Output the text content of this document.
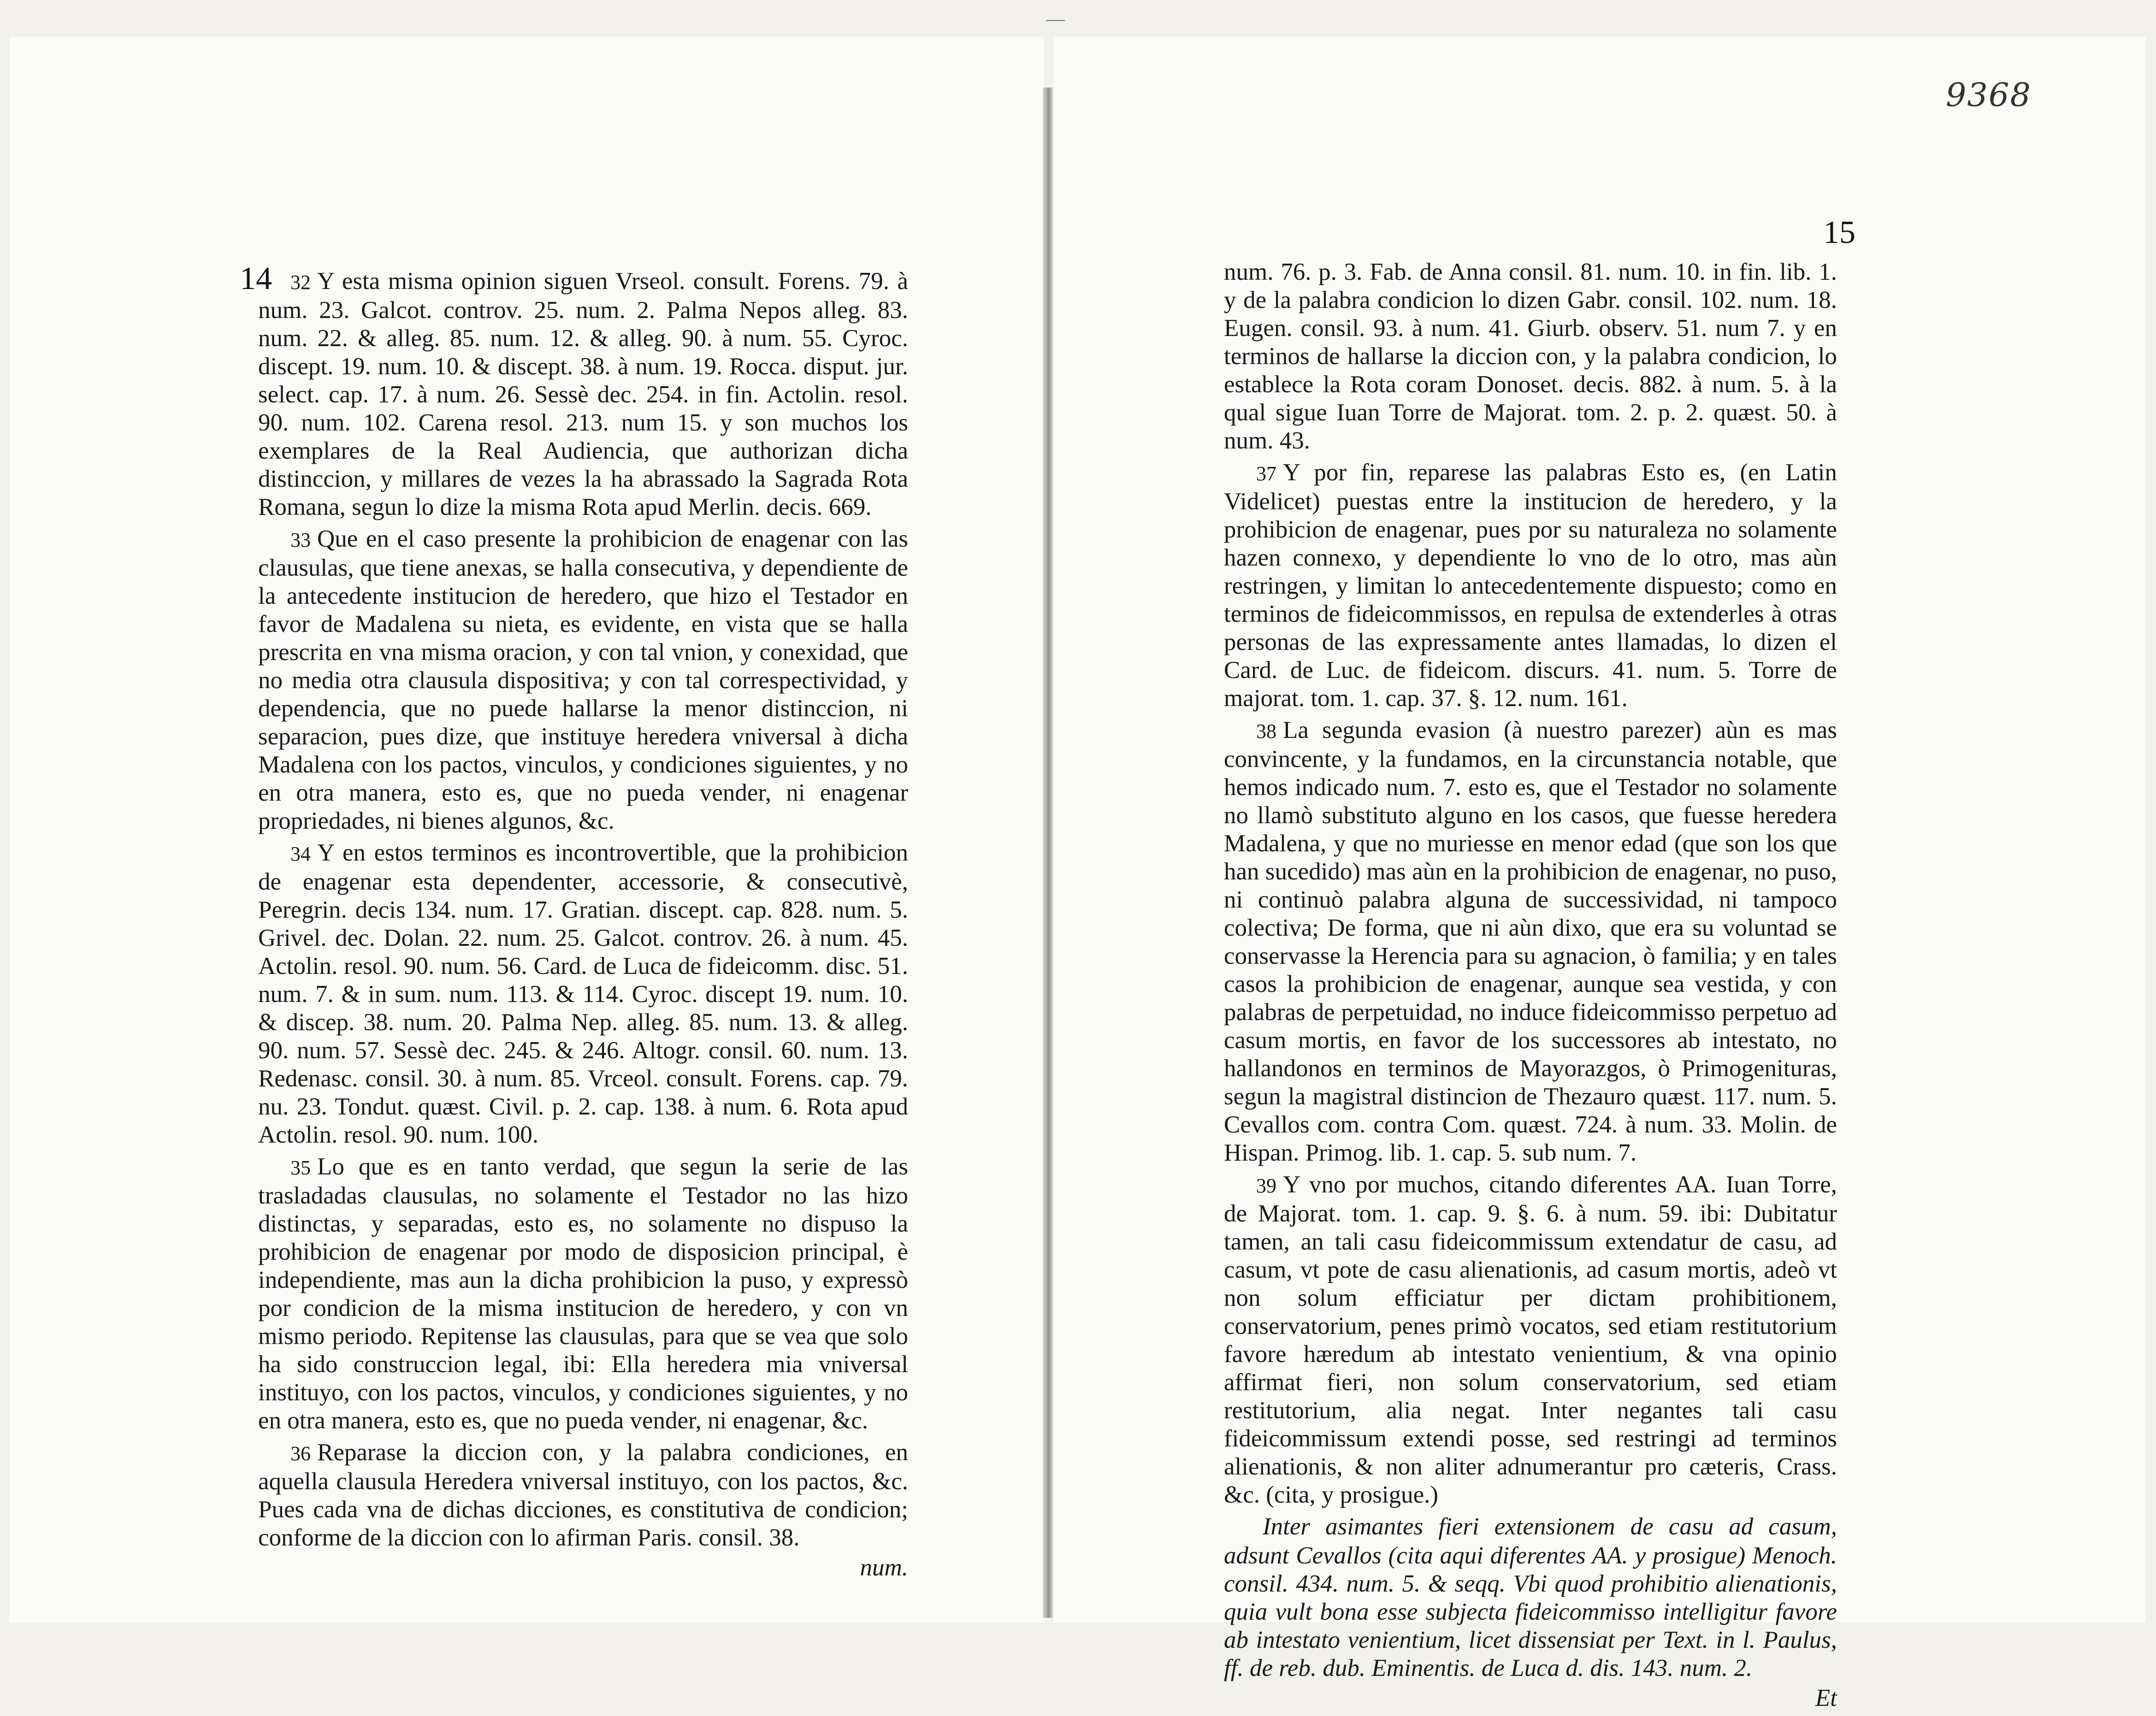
—
9368
14 32 Y esta misma opinion siguen Vrsеol. consult. Forens. 79. à num. 23. Galcot. controv. 25. num. 2. Palma Nepos alleg. 83. num. 22. & alleg. 85. num. 12. & alleg. 90. à num. 55. Cyroc. discept. 19. num. 10. & discept. 38. à num. 19. Rocca. disput. jur. select. cap. 17. à num. 26. Sessè dec. 254. in fin. Actolin. resol. 90. num. 102. Carena resol. 213. num 15. y son muchos los exemplares de la Real Audiencia, que authorizan dicha distinccion, y millares de vezes la ha abrassado la Sagrada Rota Romana, segun lo dize la misma Rota apud Merlin. decis. 669.

33 Que en el caso presente la prohibicion de enagenar con las clausulas, que tiene anexas, se halla consecutiva, y dependiente de la antecedente institucion de heredero, que hizo el Testador en favor de Madalena su nieta, es evidente, en vista que se halla prescrita en vna misma oracion, y con tal vnion, y conexidad, que no media otra clausula dispositiva; y con tal correspectividad, y dependencia, que no puede hallarse la menor distinccion, ni separacion, pues dize, que instituye heredera vniversal à dicha Madalena con los pactos, vinculos, y condiciones siguientes, y no en otra manera, esto es, que no pueda vender, ni enagenar propriedades, ni bienes algunos, &c.

34 Y en estos terminos es incontrovertible, que la prohibicion de enagenar esta dependenter, accessorie, & consecutivè, Peregrin. decis 134. num. 17. Gratian. discept. cap. 828. num. 5. Grivel. dec. Dolan. 22. num. 25. Galcot. controv. 26. à num. 45. Actolin. resol. 90. num. 56. Card. de Luca de fideicomm. disc. 51. num. 7. & in sum. num. 113. & 114. Cyroc. discept 19. num. 10. & discep. 38. num. 20. Palma Nep. alleg. 85. num. 13. & alleg. 90. num. 57. Sessè dec. 245. & 246. Altogr. consil. 60. num. 13. Redenasc. consil. 30. à num. 85. Vrceol. consult. Forens. cap. 79. nu. 23. Tondut. quæst. Civil. p. 2. cap. 138. à num. 6. Rota apud Actolin. resol. 90. num. 100.

35 Lo que es en tanto verdad, que segun la serie de las trasladadas clausulas, no solamente el Testador no las hizo distinctas, y separadas, esto es, no solamente no dispuso la prohibicion de enagenar por modo de disposicion principal, è independiente, mas aun la dicha prohibicion la puso, y expressò por condicion de la misma institucion de heredero, y con vn mismo periodo. Repitense las clausulas, para que se vea que solo ha sido construccion legal, ibi: Ella heredera mia vniversal instituyo, con los pactos, vinculos, y condiciones siguientes, y no en otra manera, esto es, que no pueda vender, ni enagenar, &c.

36 Reparase la diccion con, y la palabra condiciones, en aquella clausula Heredera vniversal instituyo, con los pactos, &c. Pues cada vna de dichas dicciones, es constitutiva de condicion; conforme de la diccion con lo afirman Paris. consil. 38.

num.

15

num. 76. p. 3. Fab. de Anna consil. 81. num. 10. in fin. lib. 1. y de la palabra condicion lo dizen Gabr. consil. 102. num. 18. Eugen. consil. 93. à num. 41. Giurb. observ. 51. num 7. y en terminos de hallarse la diccion con, y la palabra condicion, lo establece la Rota coram Donoset. decis. 882. à num. 5. à la qual sigue Iuan Torre de Majorat. tom. 2. p. 2. quæst. 50. à num. 43.

37 Y por fin, reparese las palabras Esto es, (en Latin Videlicet) puestas entre la institucion de heredero, y la prohibicion de enagenar, pues por su naturaleza no solamente hazen connexo, y dependiente lo vno de lo otro, mas aùn restringen, y limitan lo antecedentemente dispuesto; como en terminos de fideicommissos, en repulsa de extenderles à otras personas de las expressamente antes llamadas, lo dizen el Card. de Luc. de fideicom. discurs. 41. num. 5. Torre de majorat. tom. 1. cap. 37. §. 12. num. 161.

38 La segunda evasion (à nuestro parezer) aùn es mas convincente, y la fundamos, en la circunstancia notable, que hemos indicado num. 7. esto es, que el Testador no solamente no llamò substituto alguno en los casos, que fuesse heredera Madalena, y que no muriesse en menor edad (que son los que han sucedido) mas aùn en la prohibicion de enagenar, no puso, ni continuò palabra alguna de successividad, ni tampoco colectiva; De forma, que ni aùn dixo, que era su voluntad se conservasse la Herencia para su agnacion, ò familia; y en tales casos la prohibicion de enagenar, aunque sea vestida, y con palabras de perpetuidad, no induce fideicommisso perpetuo ad casum mortis, en favor de los successores ab intestato, no hallandonos en terminos de Mayorazgos, ò Primogenituras, segun la magistral distincion de Thezauro quæst. 117. num. 5. Cevallos com. contra Com. quæst. 724. à num. 33. Molin. de Hispan. Primog. lib. 1. cap. 5. sub num. 7.

39 Y vno por muchos, citando diferentes AA. Iuan Torre, de Majorat. tom. 1. cap. 9. §. 6. à num. 59. ibi: Dubitatur tamen, an tali casu fideicommissum extendatur de casu, ad casum, vt pote de casu alienationis, ad casum mortis, adeò vt non solum efficiatur per dictam prohibitionem, conservatorium, penes primò vocatos, sed etiam restitutorium favore hæredum ab intestato venientium, & vna opinio affirmat fieri, non solum conservatorium, sed etiam restitutorium, alia negat. Inter negantes tali casu fideicommissum extendi posse, sed restringi ad terminos alienationis, & non aliter adnumerantur pro cæteris, Crass. &c. (cita, y prosigue.)

Inter asimantes fieri extensionem de casu ad casum, adsunt Cevallos (cita aqui diferentes AA. y prosigue) Menoch. consil. 434. num. 5. & seqq. Vbi quod prohibitio alienationis, quia vult bona esse subjecta fideicommisso intelligitur favore ab intestato venientium, licet dissensiat per Text. in l. Paulus, ff. de reb. dub. Eminentis. de Luca d. dis. 143. num. 2.

Et
